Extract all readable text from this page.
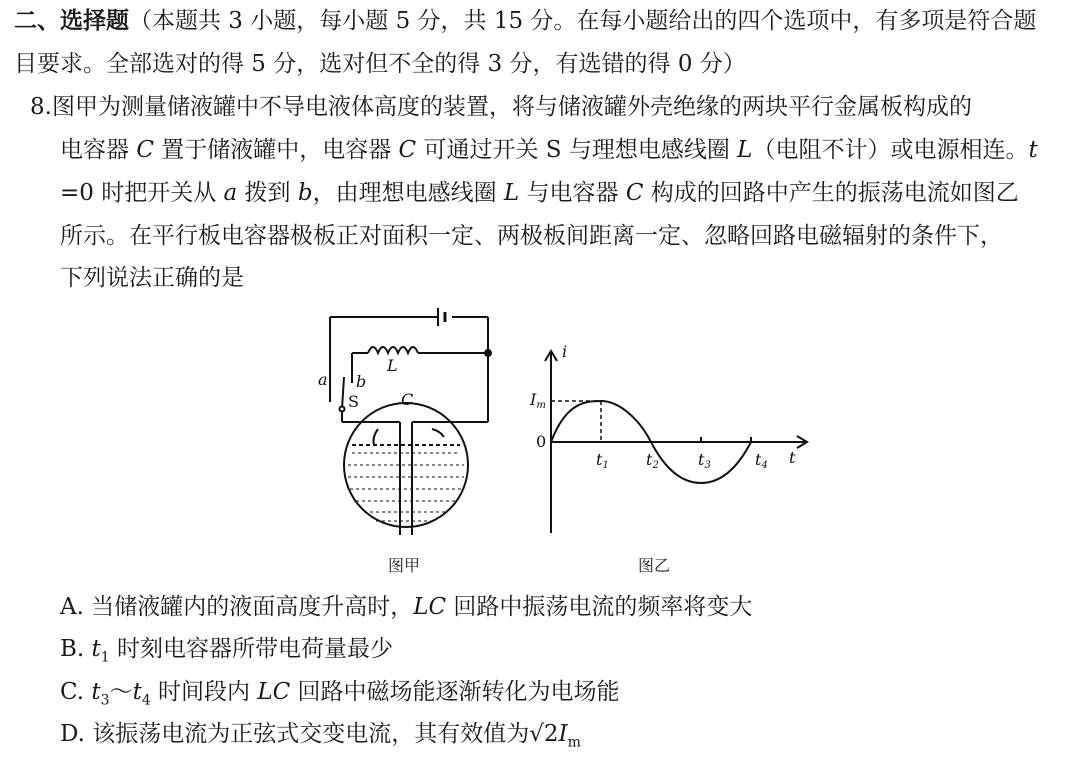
二、选择题（本题共 3 小题，每小题 5 分，共 15 分。在每小题给出的四个选项中，有多项是符合题
目要求。全部选对的得 5 分，选对但不全的得 3 分，有选错的得 0 分）
8.图甲为测量储液罐中不导电液体高度的装置，将与储液罐外壳绝缘的两块平行金属板构成的
电容器 C 置于储液罐中，电容器 C 可通过开关 S 与理想电感线圈 L（电阻不计）或电源相连。t
=0 时把开关从 a 拨到 b，由理想电感线圈 L 与电容器 C 构成的回路中产生的振荡电流如图乙
所示。在平行板电容器极板正对面积一定、两极板间距离一定、忽略回路电磁辐射的条件下，
下列说法正确的是
a b
S	C
L
i
t
Im
0
t1 t2 t3	t4
图甲	图乙
A. 当储液罐内的液面高度升高时，LC 回路中振荡电流的频率将变大
B. $t_1$ 时刻电容器所带电荷量最少
C. $t_3\sim t_4$ 时间段内 LC 回路中磁场能逐渐转化为电场能
D. 该振荡电流为正弦式交变电流，其有效值为$√2I_m$
